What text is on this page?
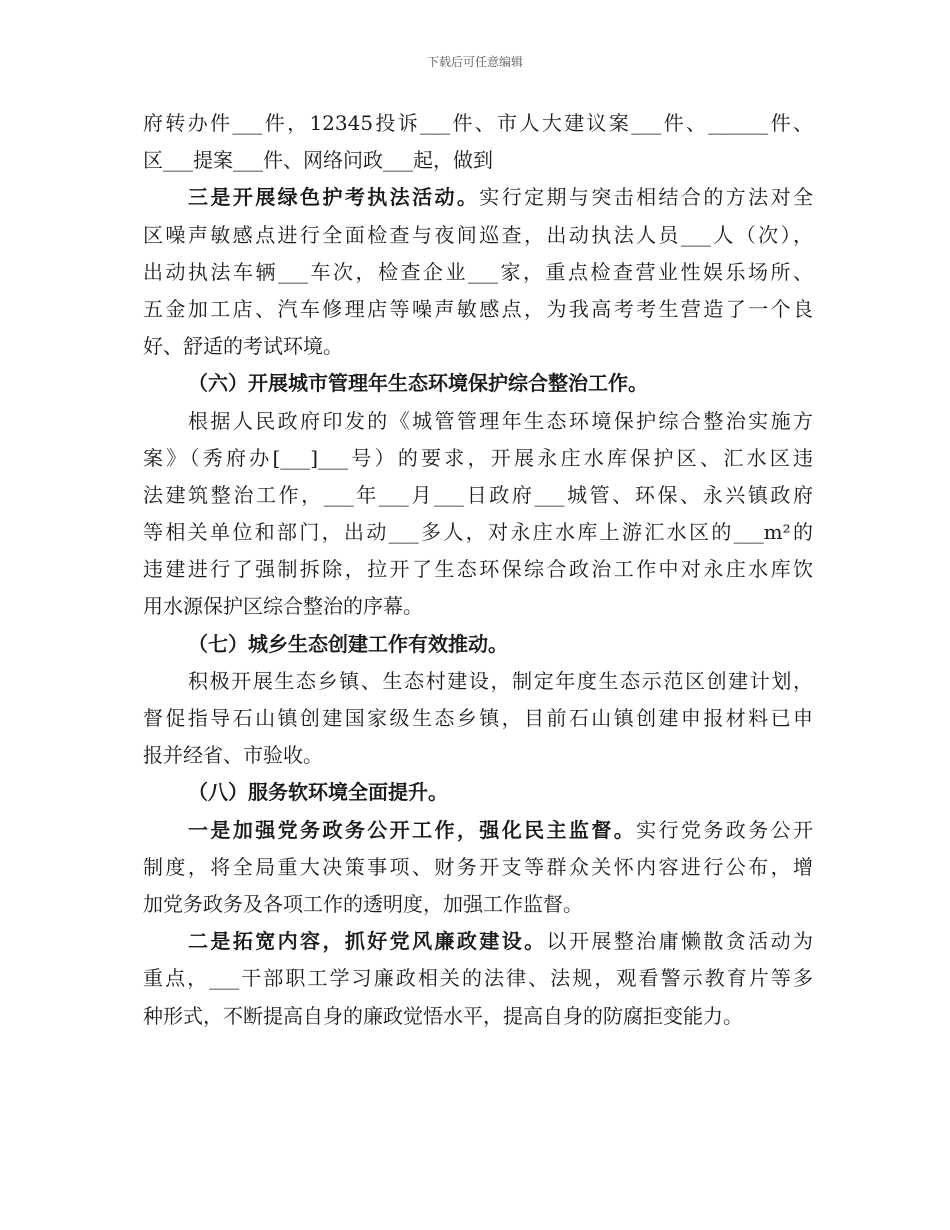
下载后可任意编辑
府转办件___件，12345投诉___件、市人大建议案___件、______件、
区___提案___件、网络问政___起，做到
三是开展绿色护考执法活动。实行定期与突击相结合的方法对全
区噪声敏感点进行全面检查与夜间巡查，出动执法人员___人（次），
出动执法车辆___车次，检查企业___家，重点检查营业性娱乐场所、
五金加工店、汽车修理店等噪声敏感点，为我高考考生营造了一个良
好、舒适的考试环境。
（六）开展城市管理年生态环境保护综合整治工作。
根据人民政府印发的《城管管理年生态环境保护综合整治实施方
案》（秀府办[___]___号）的要求，开展永庄水库保护区、汇水区违
法建筑整治工作，___年___月___日政府___城管、环保、永兴镇政府
等相关单位和部门，出动___多人，对永庄水库上游汇水区的___m²的
违建进行了强制拆除，拉开了生态环保综合政治工作中对永庄水库饮
用水源保护区综合整治的序幕。
（七）城乡生态创建工作有效推动。
积极开展生态乡镇、生态村建设，制定年度生态示范区创建计划，
督促指导石山镇创建国家级生态乡镇，目前石山镇创建申报材料已申
报并经省、市验收。
（八）服务软环境全面提升。
一是加强党务政务公开工作，强化民主监督。实行党务政务公开
制度，将全局重大决策事项、财务开支等群众关怀内容进行公布，增
加党务政务及各项工作的透明度，加强工作监督。
二是拓宽内容，抓好党风廉政建设。以开展整治庸懒散贪活动为
重点，___干部职工学习廉政相关的法律、法规，观看警示教育片等多
种形式，不断提高自身的廉政觉悟水平，提高自身的防腐拒变能力。
